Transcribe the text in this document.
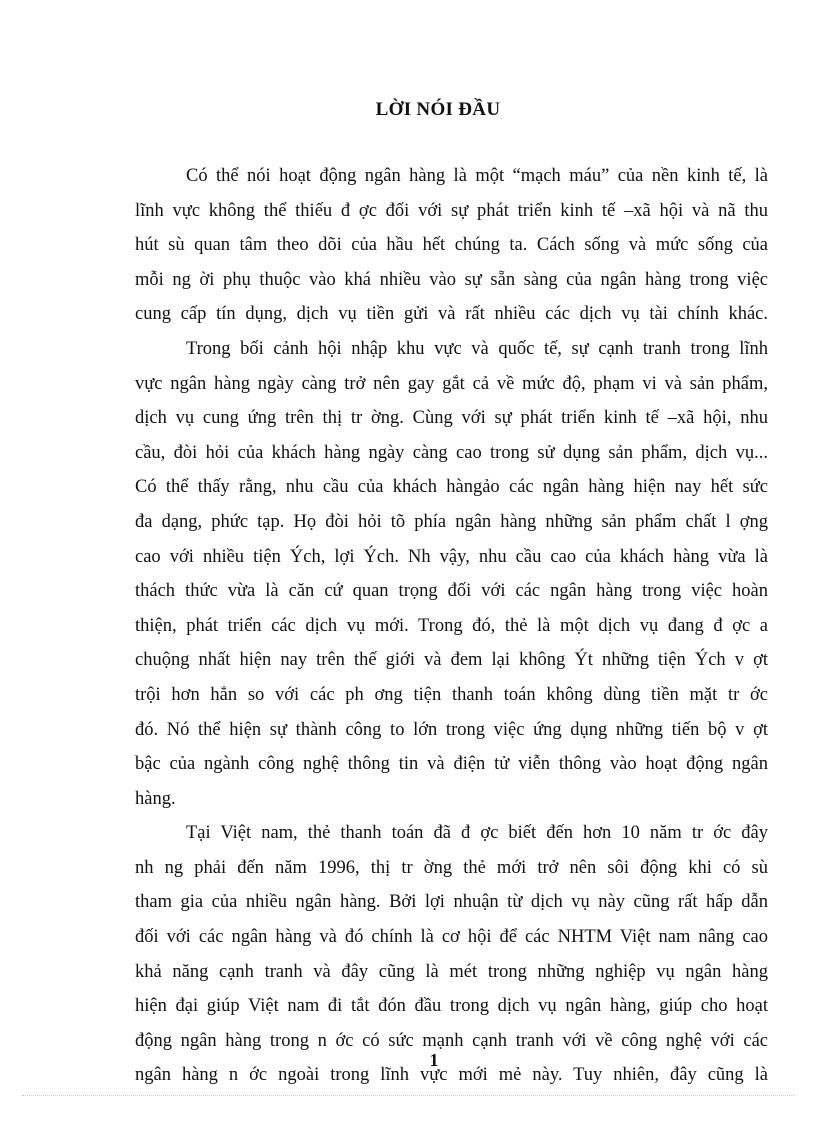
LỜI NÓI ĐẦU
Có thể nói hoạt động ngân hàng là một “mạch máu” của nền kinh tế, là
lĩnh vực không thể thiếu đ ợc đối với sự phát triển kinh tế –xã hội và nã thu
hút sù quan tâm theo dõi của hầu hết chúng ta. Cách sống và mức sống của
mỗi ng ời phụ thuộc vào khá nhiều vào sự sẵn sàng của ngân hàng trong việc
cung cấp tín dụng, dịch vụ tiền gửi và rất nhiều các dịch vụ tài chính khác.
Trong bối cảnh hội nhập khu vực và quốc tế, sự cạnh tranh trong lĩnh
vực ngân hàng ngày càng trở nên gay gắt cả về mức độ, phạm vi và sản phẩm,
dịch vụ cung ứng trên thị tr ờng. Cùng với sự phát triển kinh tế –xã hội, nhu
cầu, đòi hỏi của khách hàng ngày càng cao trong sử dụng sản phẩm, dịch vụ...
Có thể thấy rằng, nhu cầu của khách hàngảo các ngân hàng hiện nay hết sức
đa dạng, phức tạp. Họ đòi hỏi tõ phía ngân hàng những sản phẩm chất l ợng
cao với nhiều tiện Ých, lợi Ých. Nh vậy, nhu cầu cao của khách hàng vừa là
thách thức vừa là căn cứ quan trọng đối với các ngân hàng trong việc hoàn
thiện, phát triển các dịch vụ mới. Trong đó, thẻ là một dịch vụ đang đ ợc a
chuộng nhất hiện nay trên thế giới và đem lại không Ýt những tiện Ých v ợt
trội hơn hẳn so với các ph ơng tiện thanh toán không dùng tiền mặt tr ớc
đó. Nó thể hiện sự thành công to lớn trong việc ứng dụng những tiến bộ v ợt
bậc của ngành công nghệ thông tin và điện tử viễn thông vào hoạt động ngân
hàng.
Tại Việt nam, thẻ thanh toán đã đ ợc biết đến hơn 10 năm tr ớc đây
nh ng phải đến năm 1996, thị tr ờng thẻ mới trở nên sôi động khi có sù
tham gia của nhiều ngân hàng. Bởi lợi nhuận từ dịch vụ này cũng rất hấp dẫn
đối với các ngân hàng và đó chính là cơ hội để các NHTM Việt nam nâng cao
khả năng cạnh tranh và đây cũng là mét trong những nghiệp vụ ngân hàng
hiện đại giúp Việt nam đi tắt đón đầu trong dịch vụ ngân hàng, giúp cho hoạt
động ngân hàng trong n ớc có sức mạnh cạnh tranh với về công nghệ với các
ngân hàng n ớc ngoài trong lĩnh vực mới mẻ này. Tuy nhiên, đây cũng là
1
